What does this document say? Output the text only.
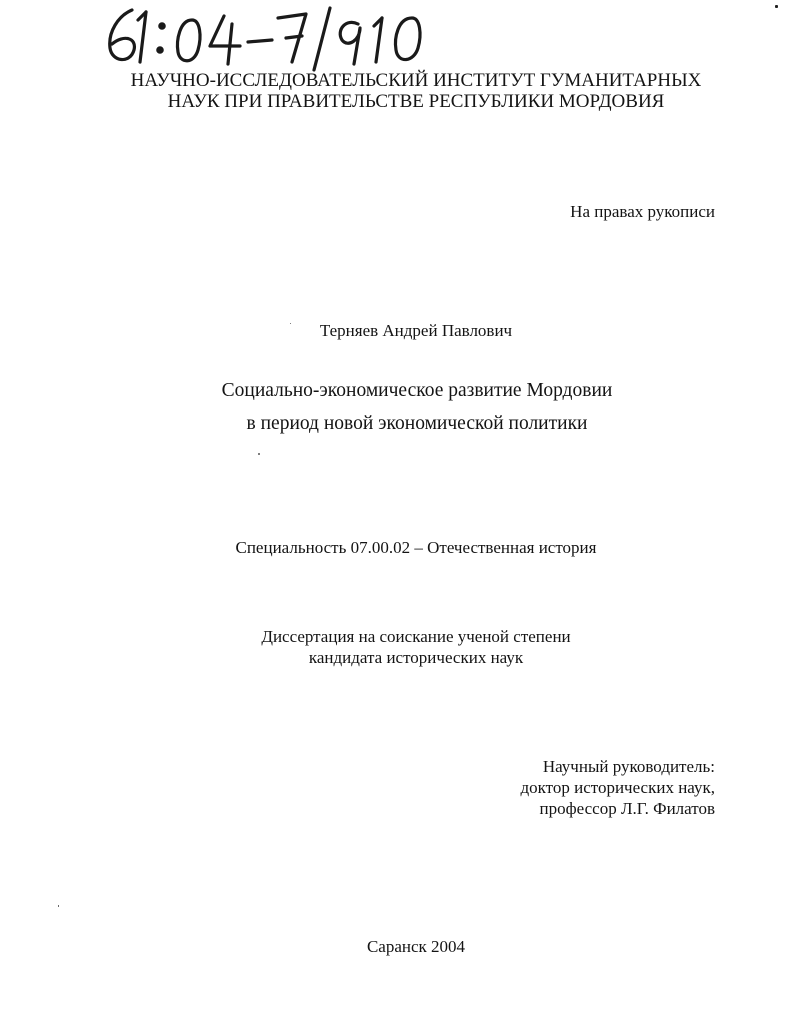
НАУЧНО-ИССЛЕДОВАТЕЛЬСКИЙ ИНСТИТУТ ГУМАНИТАРНЫХ
НАУК ПРИ ПРАВИТЕЛЬСТВЕ РЕСПУБЛИКИ МОРДОВИЯ
На правах рукописи
Терняев Андрей Павлович
Социально-экономическое развитие Мордовии
в период новой экономической политики
Специальность 07.00.02 – Отечественная история
Диссертация на соискание ученой степени
кандидата исторических наук
Научный руководитель:
доктор исторических наук,
профессор Л.Г. Филатов
Саранск 2004
